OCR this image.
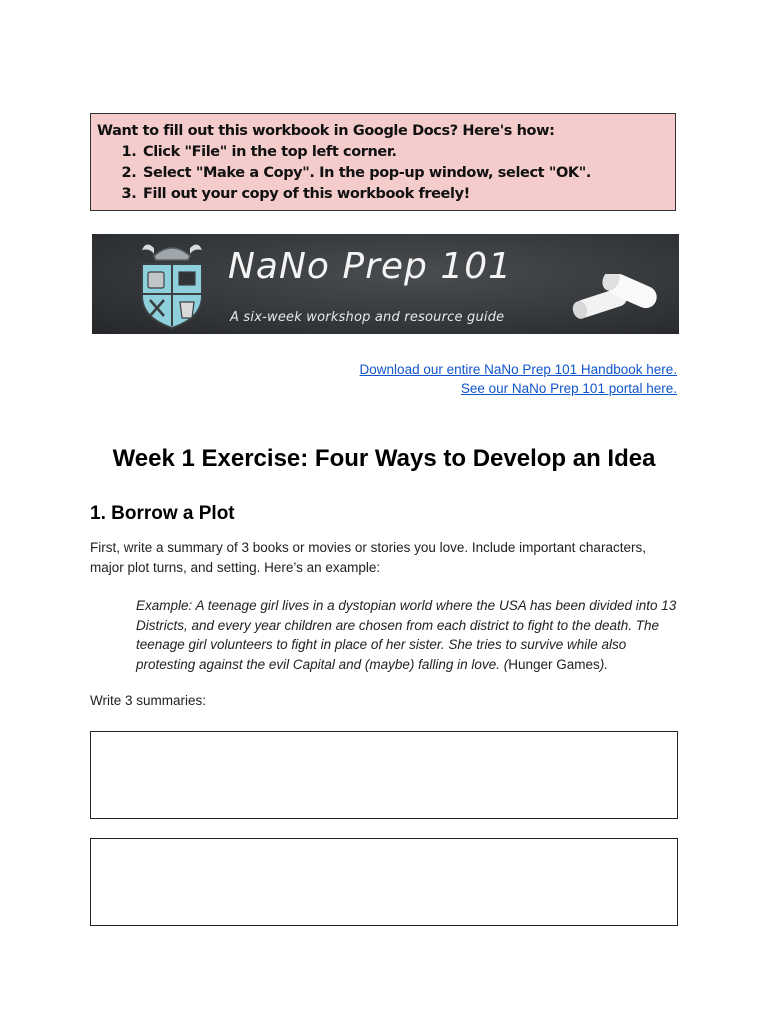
Want to fill out this workbook in Google Docs? Here's how:
1. Click "File" in the top left corner.
2. Select "Make a Copy". In the pop-up window, select "OK".
3. Fill out your copy of this workbook freely!
NaNo Prep 101
A six-week workshop and resource guide
Download our entire NaNo Prep 101 Handbook here.
See our NaNo Prep 101 portal here.
Week 1 Exercise: Four Ways to Develop an Idea
1. Borrow a Plot
First, write a summary of 3 books or movies or stories you love. Include important characters, major plot turns, and setting. Here’s an example:
Example: A teenage girl lives in a dystopian world where the USA has been divided into 13 Districts, and every year children are chosen from each district to fight to the death. The teenage girl volunteers to fight in place of her sister. She tries to survive while also protesting against the evil Capital and (maybe) falling in love. (Hunger Games).
Write 3 summaries:
